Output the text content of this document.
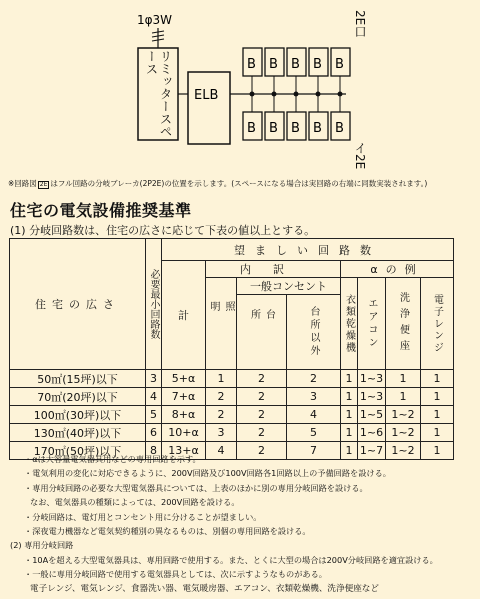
1φ3W
リミッタースペース
ELB
B B B B B
B B B B B
2E口
イ2E
※回路図 2E はフル回路の分岐ブレーカ(2P2E)の位置を示します。(スペースになる場合は実回路の右端に同数実装されます。)
住宅の電気設備推奨基準
(1) 分岐回路数は、住宅の広さに応じて下表の値以上とする。
住宅の広さ	必要最小回路数	望ましい回路数							
		計	内訳			αの例			

			照明	一般コンセント		衣類乾燥機	エアコン	洗浄便座	電子レンジ

				台所	台所以外				

50㎡(15坪)以下	3	5+α	1	2	2	1	1~3	1	1
70㎡(20坪)以下	4	7+α	2	2	3	1	1~3	1	1
100㎡(30坪)以下	5	8+α	2	2	4	1	1~5	1~2	1
130㎡(40坪)以下	6	10+α	3	2	5	1	1~6	1~2	1
170㎡(50坪)以下	8	13+α	4	2	7	1	1~7	1~2	1
・αは大容量電気器具用などの専用回路を示す。
・電気利用の変化に対応できるように、200V回路及び100V回路各1回路以上の予備回路を設ける。
・専用分岐回路の必要な大型電気器具については、上表のほかに別の専用分岐回路を設ける。
なお、電気器具の種類によっては、200V回路を設ける。
・分岐回路は、電灯用とコンセント用に分けることが望ましい。
・深夜電力機器など電気契約種別の異なるものは、別個の専用回路を設ける。
(2) 専用分岐回路
・10Aを超える大型電気器具は、専用回路で使用する。また、とくに大型の場合は200V分岐回路を適宜設ける。
・一般に専用分岐回路で使用する電気器具としては、次に示すようなものがある。
電子レンジ、電気レンジ、食器洗い器、電気暖房器、エアコン、衣類乾燥機、洗浄便座など
